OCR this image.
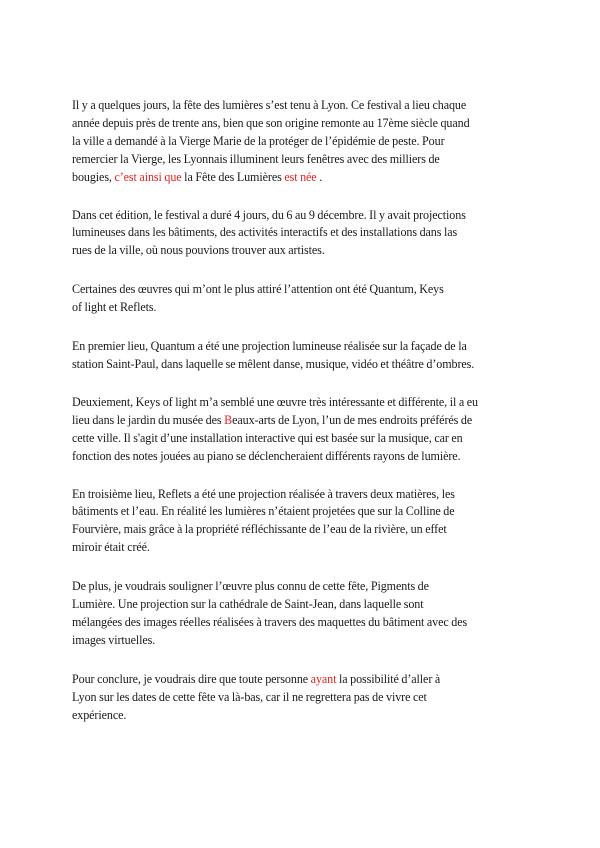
Il y a quelques jours, la fête des lumières s’est tenu à Lyon. Ce festival a lieu chaque
année depuis près de trente ans, bien que son origine remonte au 17ème siècle quand
la ville a demandé à la Vierge Marie de la protéger de l’épidémie de peste. Pour
remercier la Vierge, les Lyonnais illuminent leurs fenêtres avec des milliers de
bougies, c’est ainsi que la Fête des Lumières est née .

Dans cet édition, le festival a duré 4 jours, du 6 au 9 décembre. Il y avait projections
lumineuses dans les bâtiments, des activités interactifs et des installations dans las
rues de la ville, où nous pouvions trouver aux artistes.

Certaines des œuvres qui m’ont le plus attiré l’attention ont été Quantum, Keys
of light et Reflets.

En premier lieu, Quantum a été une projection lumineuse réalisée sur la façade de la
station Saint-Paul, dans laquelle se mêlent danse, musique, vidéo et théâtre d’ombres.

Deuxiement, Keys of light m’a semblé une œuvre très intéressante et différente, il a eu
lieu dans le jardin du musée des Beaux-arts de Lyon, l’un de mes endroits préférés de
cette ville. Il s'agit d’une installation interactive qui est basée sur la musique, car en
fonction des notes jouées au piano se déclencheraient différents rayons de lumière.

En troisième lieu, Reflets a été une projection réalisée à travers deux matières, les
bâtiments et l’eau. En réalité les lumières n’étaient projetées que sur la Colline de
Fourvière, mais grâce à la propriété réfléchissante de l’eau de la rivière, un effet
miroir était créé.

De plus, je voudrais souligner l’œuvre plus connu de cette fête, Pigments de
Lumière. Une projection sur la cathédrale de Saint-Jean, dans laquelle sont
mélangées des images réelles réalisées à travers des maquettes du bâtiment avec des
images virtuelles.

Pour conclure, je voudrais dire que toute personne ayant la possibilité d’aller à
Lyon sur les dates de cette fête va là-bas, car il ne regrettera pas de vivre cet
expérience.
